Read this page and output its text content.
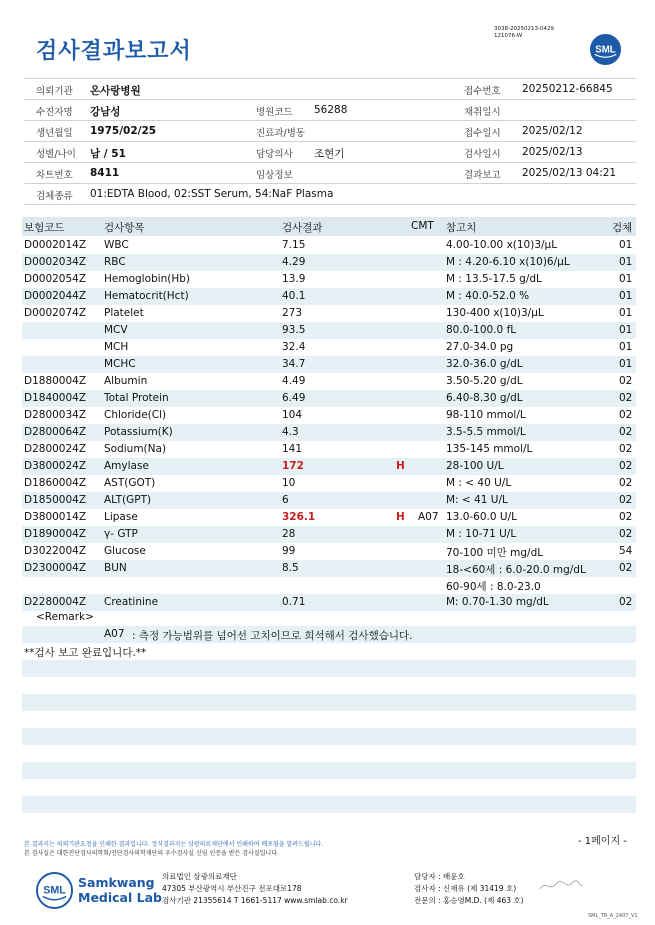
검사결과보고서
3038-20250213-0429
121076-W
SML
의뢰기관 온사랑병원	접수번호 20250212-66845
수진자명 강남성	병원코드 56288	채취일시
생년월일 1975/02/25	진료과/병동	접수일시 2025/02/12
성별/나이 남 / 51	담당의사 조현기	검사일시 2025/02/13
차트번호 8411	임상정보	결과보고 2025/02/13 04:21
검체종류 01:EDTA Blood, 02:SST Serum, 54:NaF Plasma
보험코드	검사항목	검사결과	CMT 참고치	검체
D0002014Z WBC	7.15	4.00-10.00 x(10)3/μL	01
D0002034Z RBC	4.29	M : 4.20-6.10 x(10)6/μL	01
D0002054Z Hemoglobin(Hb)	13.9	M : 13.5-17.5 g/dL	01
D0002044Z Hematocrit(Hct)	40.1	M : 40.0-52.0 %	01
D0002074Z Platelet	273	130-400 x(10)3/μL	01
MCV	93.5	80.0-100.0 fL	01
MCH	32.4	27.0-34.0 pg	01
MCHC	34.7	32.0-36.0 g/dL	01
D1880004Z Albumin	4.49	3.50-5.20 g/dL	02
D1840004Z Total Protein	6.49	6.40-8.30 g/dL	02
D2800034Z Chloride(Cl)	104	98-110 mmol/L	02
D2800064Z Potassium(K)	4.3	3.5-5.5 mmol/L	02
D2800024Z Sodium(Na)	141	135-145 mmol/L	02
D3800024Z Amylase	172	H	28-100 U/L	02
D1860004Z AST(GOT)	10	M : < 40 U/L	02
D1850004Z ALT(GPT)	6	M: < 41 U/L	02
D3800014Z Lipase	326.1	H A07 13.0-60.0 U/L	02
D1890004Z γ- GTP	28	M : 10-71 U/L	02
D3022004Z Glucose	99	70-100 미만 mg/dL	54
D2300004Z BUN	8.5	18-<60세 : 6.0-20.0 mg/dL	02
60-90세 : 8.0-23.0
D2280004Z Creatinine	0.71	M: 0.70-1.30 mg/dL	02
A07 : 측정 가능범위를 넘어선 고치이므로 희석해서 검사했습니다.
**검사 보고 완료입니다.**
<Remark>
- 1페이지 -
본 결과지는 의뢰기관요청을 인쇄한 결과입니다. 정식결과지는 삼광의료재단에서 인쇄하여 배포됨을 알려드립니다.
본 검사실은 대한진단검사의학회/진단검사의학재단의 우수검사실 신임 인증을 받은 검사실입니다.
SML
Samkwang
Medical Lab
의료법인 삼광의료재단
47305 부산광역시 부산진구 전포대로178
검사기관 21355614 T 1661-5117 www.smlab.co.kr
담당자 : 배윤호
검사자 : 신재유 (제 31419 호)
전문의 : 홍승영M.D. (제 463 호)
SML_TR_A_2407_V1
